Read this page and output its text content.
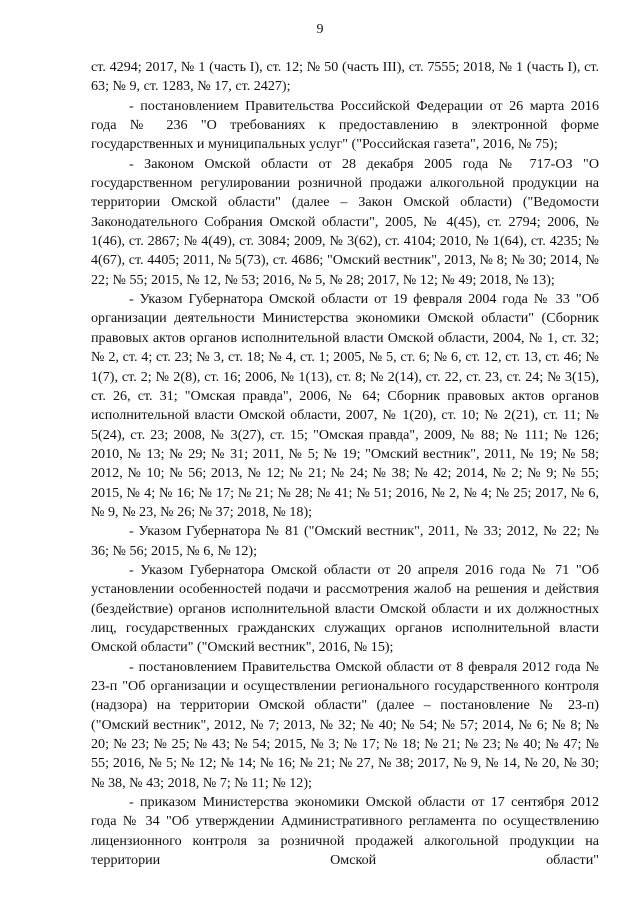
9

ст. 4294; 2017, № 1 (часть I), ст. 12; № 50 (часть III), ст. 7555; 2018, № 1 (часть I), ст. 63; № 9, ст. 1283, № 17, ст. 2427);

- постановлением Правительства Российской Федерации от 26 марта 2016 года № 236 "О требованиях к предоставлению в электронной форме государственных и муниципальных услуг" ("Российская газета", 2016, № 75);

- Законом Омской области от 28 декабря 2005 года № 717-ОЗ "О государственном регулировании розничной продажи алкогольной продукции на территории Омской области" (далее – Закон Омской области) ("Ведомости Законодательного Собрания Омской области", 2005, № 4(45), ст. 2794; 2006, № 1(46), ст. 2867; № 4(49), ст. 3084; 2009, № 3(62), ст. 4104; 2010, № 1(64), ст. 4235; № 4(67), ст. 4405; 2011, № 5(73), ст. 4686; "Омский вестник", 2013, № 8; № 30; 2014, № 22; № 55; 2015, № 12, № 53; 2016, № 5, № 28; 2017, № 12; № 49; 2018, № 13);

- Указом Губернатора Омской области от 19 февраля 2004 года № 33 "Об организации деятельности Министерства экономики Омской области" (Сборник правовых актов органов исполнительной власти Омской области, 2004, № 1, ст. 32; № 2, ст. 4; ст. 23; № 3, ст. 18; № 4, ст. 1; 2005, № 5, ст. 6; № 6, ст. 12, ст. 13, ст. 46; № 1(7), ст. 2; № 2(8), ст. 16; 2006, № 1(13), ст. 8; № 2(14), ст. 22, ст. 23, ст. 24; № 3(15), ст. 26, ст. 31; "Омская правда", 2006, № 64; Сборник правовых актов органов исполнительной власти Омской области, 2007, № 1(20), ст. 10; № 2(21), ст. 11; № 5(24), ст. 23; 2008, № 3(27), ст. 15; "Омская правда", 2009, № 88; № 111; № 126; 2010, № 13; № 29; № 31; 2011, № 5; № 19; "Омский вестник", 2011, № 19; № 58; 2012, № 10; № 56; 2013, № 12; № 21; № 24; № 38; № 42; 2014, № 2; № 9; № 55; 2015, № 4; № 16; № 17; № 21; № 28; № 41; № 51; 2016, № 2, № 4; № 25; 2017, № 6, № 9, № 23, № 26; № 37; 2018, № 18);

- Указом Губернатора № 81 ("Омский вестник", 2011, № 33; 2012, № 22; № 36; № 56; 2015, № 6, № 12);

- Указом Губернатора Омской области от 20 апреля 2016 года № 71 "Об установлении особенностей подачи и рассмотрения жалоб на решения и действия (бездействие) органов исполнительной власти Омской области и их должностных лиц, государственных гражданских служащих органов исполнительной власти Омской области" ("Омский вестник", 2016, № 15);

- постановлением Правительства Омской области от 8 февраля 2012 года № 23-п "Об организации и осуществлении регионального государственного контроля (надзора) на территории Омской области" (далее – постановление № 23-п) ("Омский вестник", 2012, № 7; 2013, № 32; № 40; № 54; № 57; 2014, № 6; № 8; № 20; № 23; № 25; № 43; № 54; 2015, № 3; № 17; № 18; № 21; № 23; № 40; № 47; № 55; 2016, № 5; № 12; № 14; № 16; № 21; № 27, № 38; 2017, № 9, № 14, № 20, № 30; № 38, № 43; 2018, № 7; № 11; № 12);

- приказом Министерства экономики Омской области от 17 сентября 2012 года № 34 "Об утверждении Административного регламента по осуществлению лицензионного контроля за розничной продажей алкогольной продукции на территории Омской области"
